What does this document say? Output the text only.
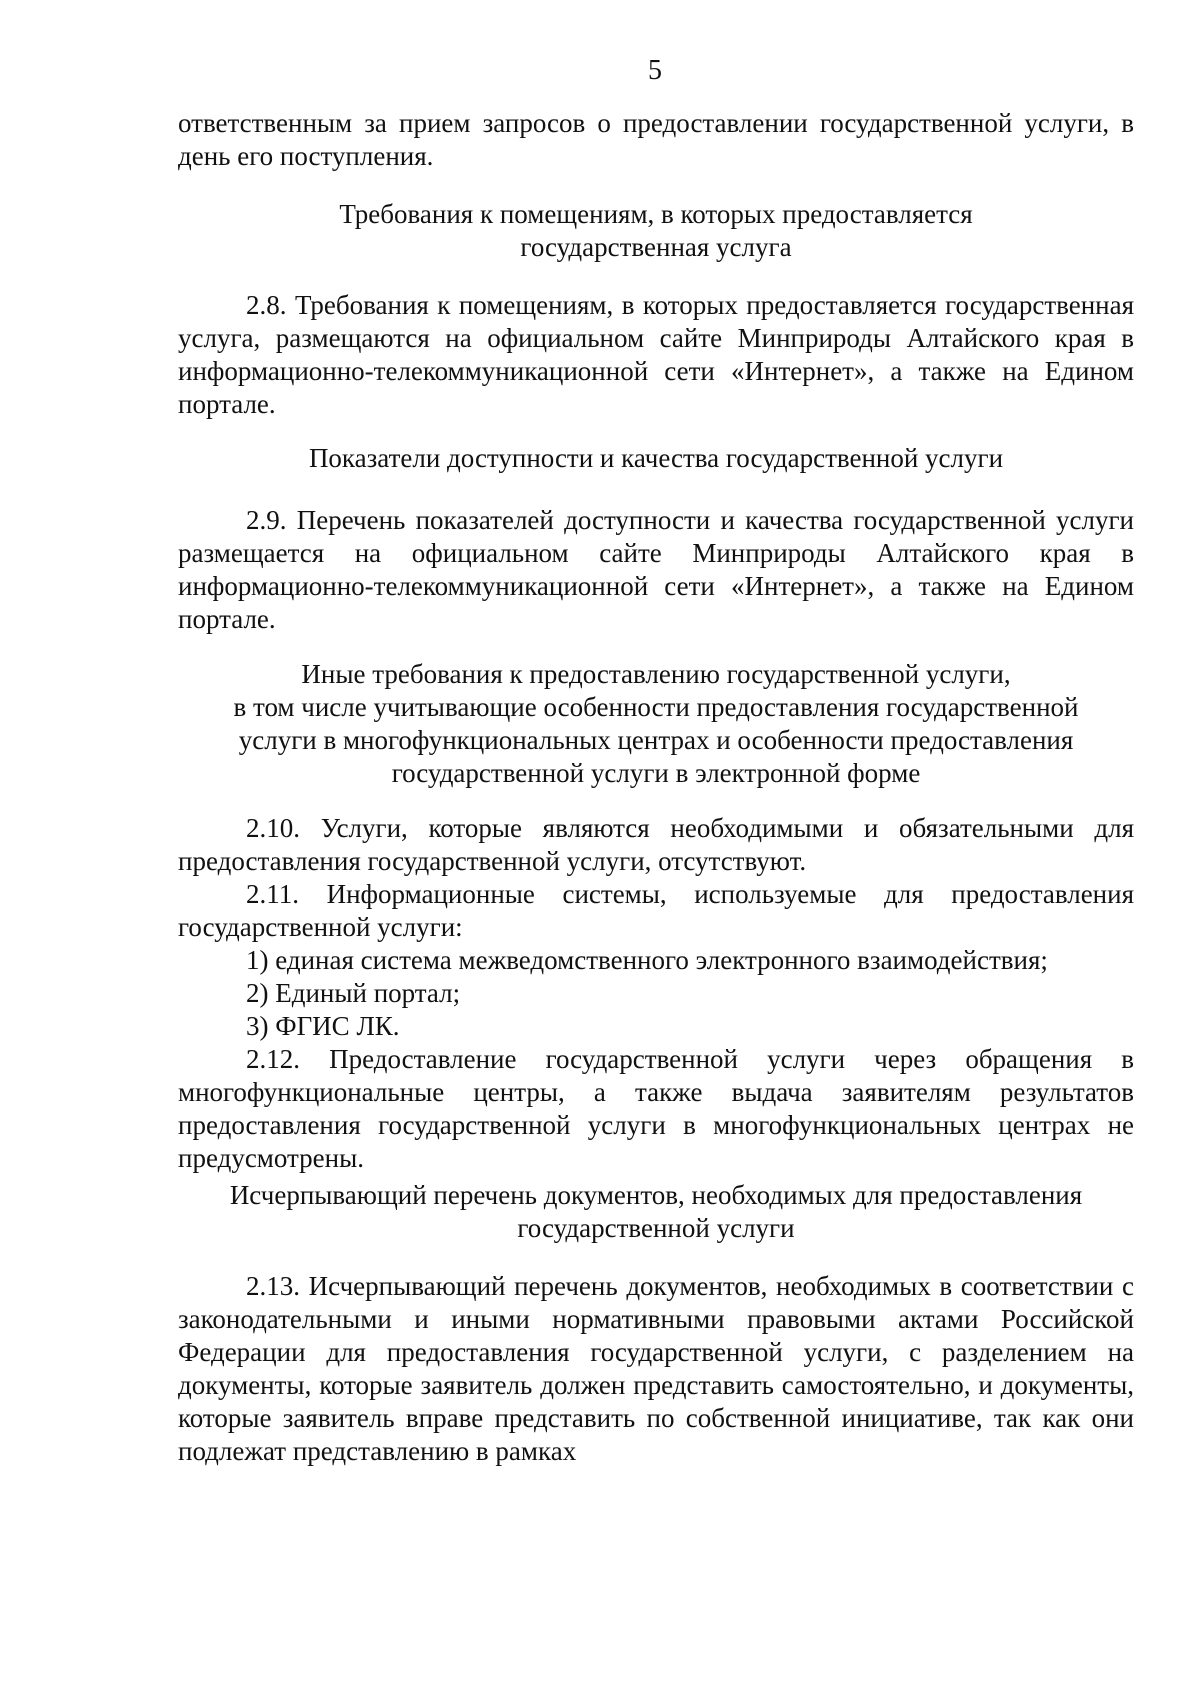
5

ответственным за прием запросов о предоставлении государственной услуги, в день его поступления.

Требования к помещениям, в которых предоставляется

государственная услуга

2.8. Требования к помещениям, в которых предоставляется государственная услуга, размещаются на официальном сайте Минприроды Алтайского края в информационно-телекоммуникационной сети «Интернет», а также на Едином портале.

Показатели доступности и качества государственной услуги

2.9. Перечень показателей доступности и качества государственной услуги размещается на официальном сайте Минприроды Алтайского края в информационно-телекоммуникационной сети «Интернет», а также на Едином портале.

Иные требования к предоставлению государственной услуги,

в том числе учитывающие особенности предоставления государственной

услуги в многофункциональных центрах и особенности предоставления

государственной услуги в электронной форме

2.10. Услуги, которые являются необходимыми и обязательными для предоставления государственной услуги, отсутствуют.

2.11. Информационные системы, используемые для предоставления государственной услуги:

1) единая система межведомственного электронного взаимодействия;

2) Единый портал;

3) ФГИС ЛК.

2.12. Предоставление государственной услуги через обращения в многофункциональные центры, а также выдача заявителям результатов предоставления государственной услуги в многофункциональных центрах не предусмотрены.

Исчерпывающий перечень документов, необходимых для предоставления

государственной услуги

2.13. Исчерпывающий перечень документов, необходимых в соответствии с законодательными и иными нормативными правовыми актами Российской Федерации для предоставления государственной услуги, с разделением на документы, которые заявитель должен представить самостоятельно, и документы, которые заявитель вправе представить по собственной инициативе, так как они подлежат представлению в рамках
